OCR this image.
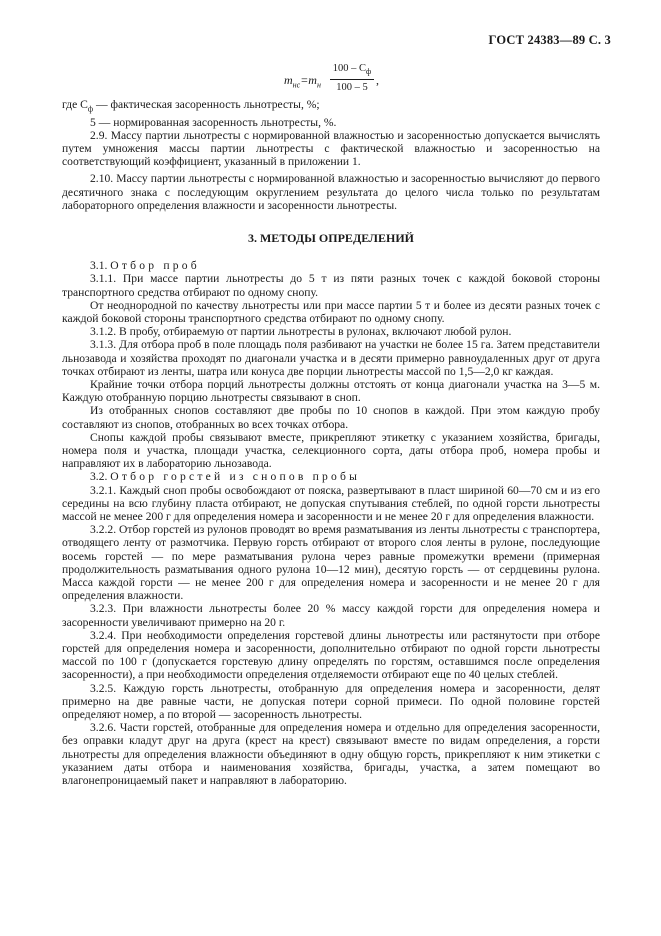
ГОСТ 24383—89 С. 3
$m_{нс}=m_н$
$100 - C_ф$
100 – 5
,

где $C_ф$ — фактическая засоренность льнотресты, %;

5 — нормированная засоренность льнотресты, %.

2.9. Массу партии льнотресты с нормированной влажностью и засоренностью допускается вычислять путем умножения массы партии льнотресты с фактической влажностью и засоренностью на соответствующий коэффициент, указанный в приложении 1.

2.10. Массу партии льнотресты с нормированной влажностью и засоренностью вычисляют до первого десятичного знака с последующим округлением результата до целого числа только по результатам лабораторного определения влажности и засоренности льнотресты.

3. МЕТОДЫ ОПРЕДЕЛЕНИЙ

3.1. Отбор проб

3.1.1. При массе партии льнотресты до 5 т из пяти разных точек с каждой боковой стороны транспортного средства отбирают по одному снопу.

От неоднородной по качеству льнотресты или при массе партии 5 т и более из десяти разных точек с каждой боковой стороны транспортного средства отбирают по одному снопу.

3.1.2. В пробу, отбираемую от партии льнотресты в рулонах, включают любой рулон.

3.1.3. Для отбора проб в поле площадь поля разбивают на участки не более 15 га. Затем представители льнозавода и хозяйства проходят по диагонали участка и в десяти примерно равноудаленных друг от друга точках отбирают из ленты, шатра или конуса две порции льнотресты массой по 1,5—2,0 кг каждая.

Крайние точки отбора порций льнотресты должны отстоять от конца диагонали участка на 3—5 м. Каждую отобранную порцию льнотресты связывают в сноп.

Из отобранных снопов составляют две пробы по 10 снопов в каждой. При этом каждую пробу составляют из снопов, отобранных во всех точках отбора.

Снопы каждой пробы связывают вместе, прикрепляют этикетку с указанием хозяйства, бригады, номера поля и участка, площади участка, селекционного сорта, даты отбора проб, номера пробы и направляют их в лабораторию льнозавода.

3.2. Отбор горстей из снопов пробы

3.2.1. Каждый сноп пробы освобождают от пояска, развертывают в пласт шириной 60—70 см и из его середины на всю глубину пласта отбирают, не допуская спутывания стеблей, по одной горсти льнотресты массой не менее 200 г для определения номера и засоренности и не менее 20 г для определения влажности.

3.2.2. Отбор горстей из рулонов проводят во время разматывания из ленты льнотресты с транспортера, отводящего ленту от размотчика. Первую горсть отбирают от второго слоя ленты в рулоне, последующие восемь горстей — по мере разматывания рулона через равные промежутки времени (примерная продолжительность разматывания одного рулона 10—12 мин), десятую горсть — от сердцевины рулона. Масса каждой горсти — не менее 200 г для определения номера и засоренности и не менее 20 г для определения влажности.

3.2.3. При влажности льнотресты более 20 % массу каждой горсти для определения номера и засоренности увеличивают примерно на 20 г.

3.2.4. При необходимости определения горстевой длины льнотресты или растянутости при отборе горстей для определения номера и засоренности, дополнительно отбирают по одной горсти льнотресты массой по 100 г (допускается горстевую длину определять по горстям, оставшимся после определения засоренности), а при необходимости определения отделяемости отбирают еще по 40 целых стеблей.

3.2.5. Каждую горсть льнотресты, отобранную для определения номера и засоренности, делят примерно на две равные части, не допуская потери сорной примеси. По одной половине горстей определяют номер, а по второй — засоренность льнотресты.

3.2.6. Части горстей, отобранные для определения номера и отдельно для определения засоренности, без оправки кладут друг на друга (крест на крест) связывают вместе по видам определения, а горсти льнотресты для определения влажности объединяют в одну общую горсть, прикрепляют к ним этикетки с указанием даты отбора и наименования хозяйства, бригады, участка, а затем помещают во влагонепроницаемый пакет и направляют в лабораторию.
